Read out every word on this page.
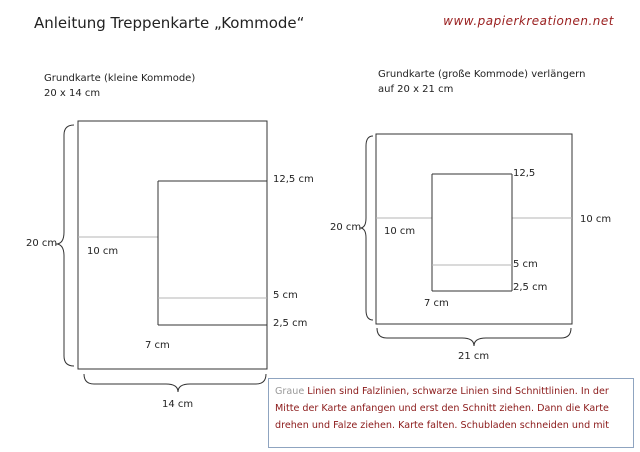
Anleitung Treppenkarte „Kommode“	www.papierkreationen.net
Grundkarte (kleine Kommode)
20 x 14 cm
20 cm
14 cm
10 cm
7 cm
12,5 cm
5 cm
2,5 cm
Grundkarte (große Kommode) verlängern
auf 20 x 21 cm
20 cm
21 cm
10 cm
10 cm
7 cm
12,5
5 cm
2,5 cm
Graue Linien sind Falzlinien, schwarze Linien sind Schnittlinien. In der Mitte der Karte anfangen und erst den Schnitt ziehen. Dann die Karte drehen und Falze ziehen. Karte falten. Schubladen schneiden und mit
